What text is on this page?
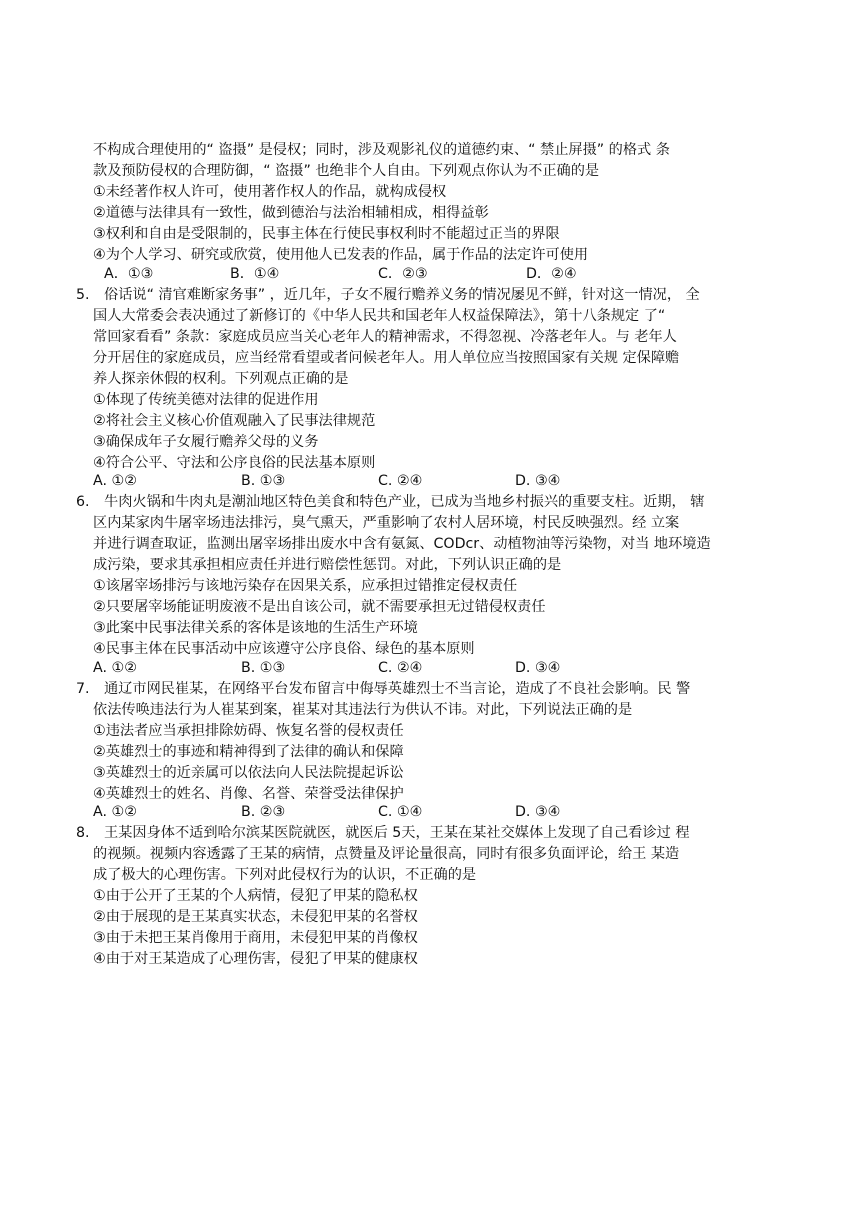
不构成合理使用的“ 盗摄” 是侵权；同时，涉及观影礼仪的道德约束、“ 禁止屏摄” 的格式 条
款及预防侵权的合理防御，“ 盗摄” 也绝非个人自由。下列观点你认为不正确的是
①未经著作权人许可，使用著作权人的作品，就构成侵权
②道德与法律具有一致性，做到德治与法治相辅相成，相得益彰
③权利和自由是受限制的，民事主体在行使民事权利时不能超过正当的界限
④为个人学习、研究或欣赏，使用他人已发表的作品，属于作品的法定许可使用
A．①③	B．①④	C．②③	D．②④
5. 俗话说“ 清官难断家务事” ，近几年，子女不履行赡养义务的情况屡见不鲜，针对这一情况， 全
国人大常委会表决通过了新修订的《中华人民共和国老年人权益保障法》，第十八条规定 了“
常回家看看” 条款：家庭成员应当关心老年人的精神需求，不得忽视、冷落老年人。与 老年人
分开居住的家庭成员，应当经常看望或者问候老年人。用人单位应当按照国家有关规 定保障赡
养人探亲休假的权利。下列观点正确的是
①体现了传统美德对法律的促进作用
②将社会主义核心价值观融入了民事法律规范
③确保成年子女履行赡养父母的义务
④符合公平、守法和公序良俗的民法基本原则
A. ①②	B. ①③	C. ②④	D. ③④
6. 牛肉火锅和牛肉丸是潮汕地区特色美食和特色产业，已成为当地乡村振兴的重要支柱。近期， 辖
区内某家肉牛屠宰场违法排污，臭气熏天，严重影响了农村人居环境，村民反映强烈。经 立案
并进行调查取证，监测出屠宰场排出废水中含有氨氮、CODcr、动植物油等污染物，对当 地环境造
成污染，要求其承担相应责任并进行赔偿性惩罚。对此，下列认识正确的是
①该屠宰场排污与该地污染存在因果关系，应承担过错推定侵权责任
②只要屠宰场能证明废液不是出自该公司，就不需要承担无过错侵权责任
③此案中民事法律关系的客体是该地的生活生产环境
④民事主体在民事活动中应该遵守公序良俗、绿色的基本原则
A. ①②	B. ①③	C. ②④	D. ③④
7. 通辽市网民崔某，在网络平台发布留言中侮辱英雄烈士不当言论，造成了不良社会影响。民 警
依法传唤违法行为人崔某到案，崔某对其违法行为供认不讳。对此，下列说法正确的是
①违法者应当承担排除妨碍、恢复名誉的侵权责任
②英雄烈士的事迹和精神得到了法律的确认和保障
③英雄烈士的近亲属可以依法向人民法院提起诉讼
④英雄烈士的姓名、肖像、名誉、荣誉受法律保护
A. ①②	B. ②③	C. ①④	D. ③④
8. 王某因身体不适到哈尔滨某医院就医，就医后 5天，王某在某社交媒体上发现了自己看诊过 程
的视频。视频内容透露了王某的病情，点赞量及评论量很高，同时有很多负面评论，给王 某造
成了极大的心理伤害。下列对此侵权行为的认识，不正确的是
①由于公开了王某的个人病情，侵犯了甲某的隐私权
②由于展现的是王某真实状态，未侵犯甲某的名誉权
③由于未把王某肖像用于商用，未侵犯甲某的肖像权
④由于对王某造成了心理伤害，侵犯了甲某的健康权
